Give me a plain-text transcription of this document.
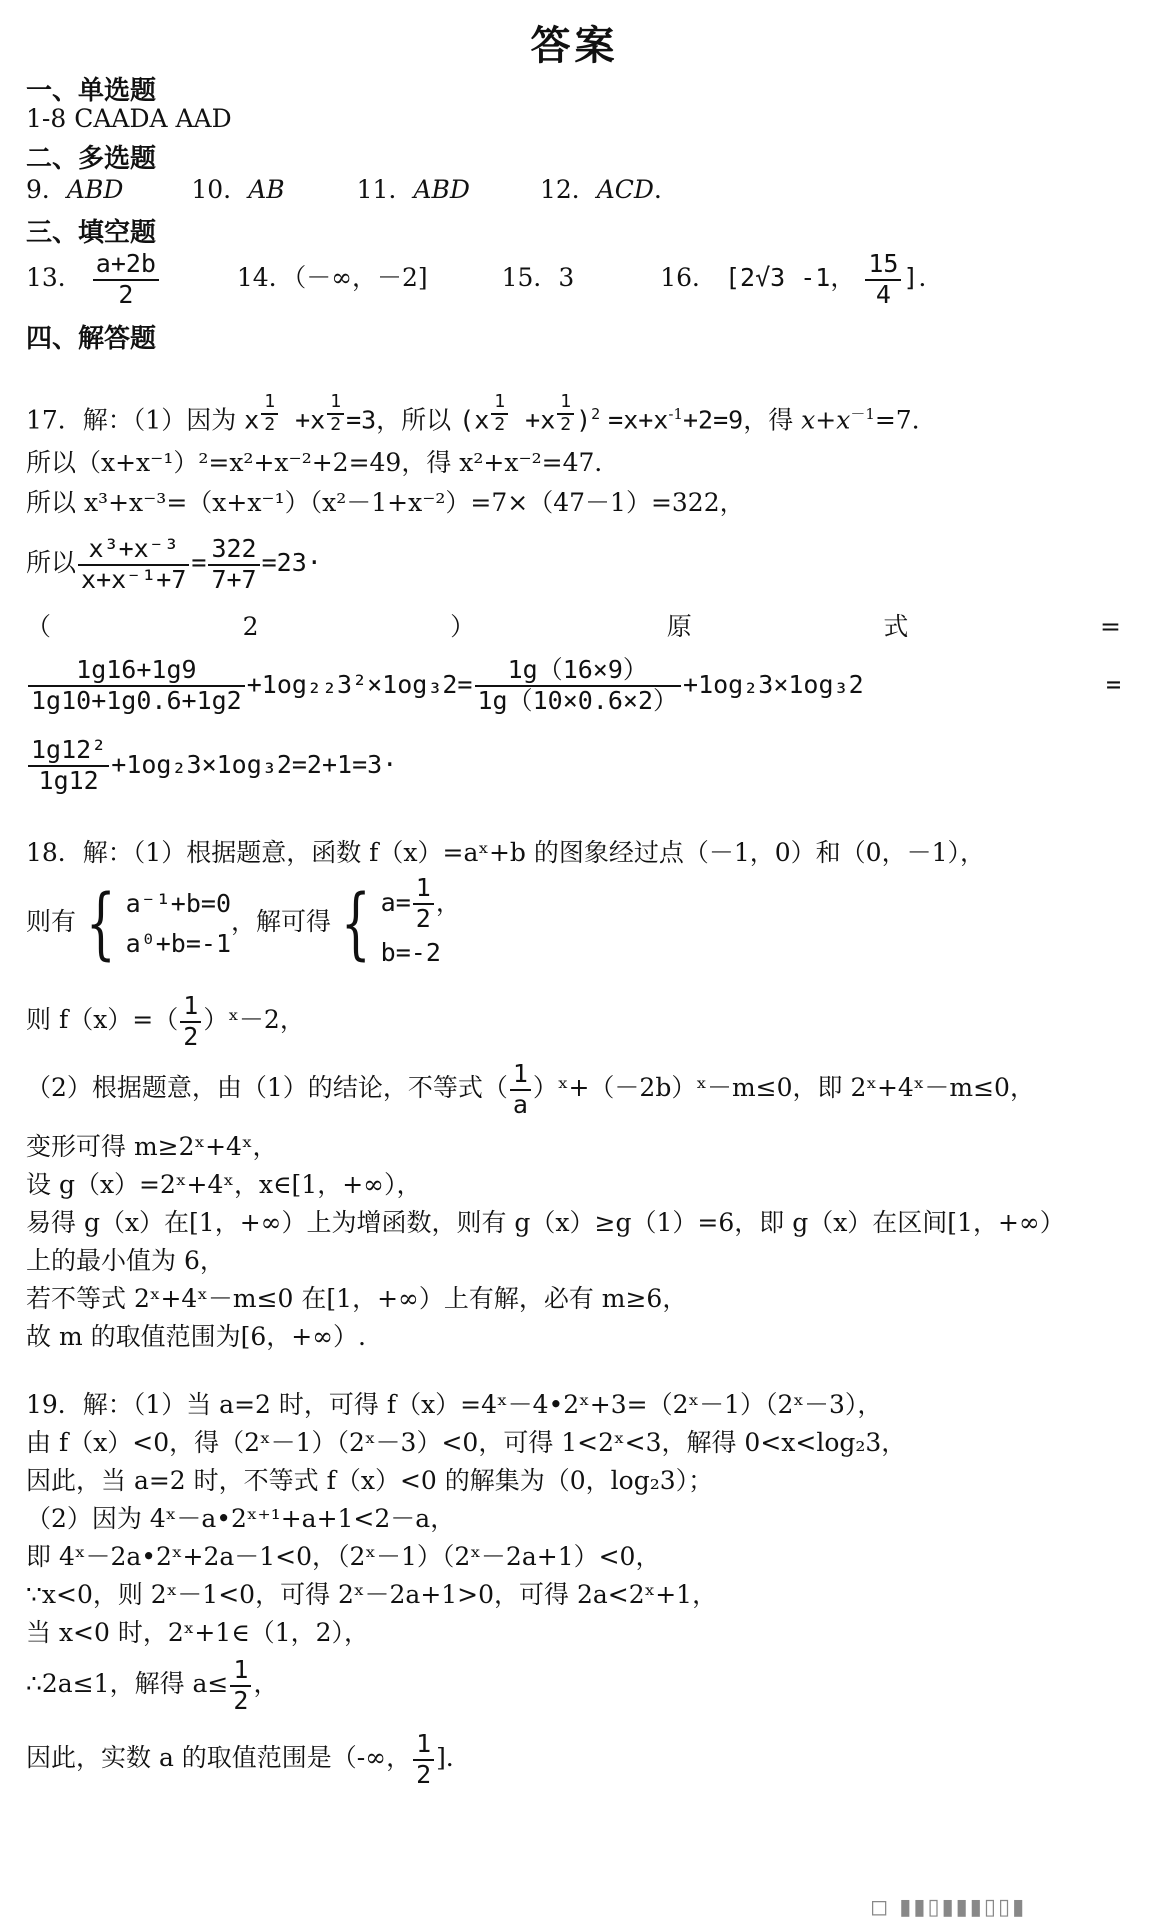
答案
一、单选题
1-8 CAADA AAD
二、多选题
9．ABD	10．AB	11．ABD	12．ACD．
三、填空题
13． $\frac{a+2b}{2}$	14．（－∞，－2]	15．3	16． [2√3 -1， $\frac{15}{4}$ ]．
四、解答题
17．解：（1）因为 x $\frac{1}{2} +x \frac{1}{2} =3$，所以 $(x \frac{1}{2} +x \frac{1}{2} )^2 =x+x^{-1}+2=9$，得 $x+x^{-1}=7$．
所以（x+x⁻¹）²=x²+x⁻²+2=49，得 x²+x⁻²=47．
所以 x³+x⁻³=（x+x⁻¹）（x²－1+x⁻²）=7×（47－1）=322，
所以 $\frac{\text{x³+x⁻³}}{\text{x+x⁻¹+7}} = \frac{322}{7+7} =23\cdot$
（	2	）	原	式	=
$\frac{1g16+1g9}{1g10+1g0.6+1g2} +1og_{22}3^2\times 1og_32= \frac{1g(16\times 9)}{1g(10\times 0.6\times 2)} +1og_23\times 1og_32$	=
$\frac{\text{1g12²}}{1g12} +1og_23\times 1og_32=2+1=3\cdot$
18．解：（1）根据题意，函数 f（x）=aˣ+b 的图象经过点（－1，0）和（0，－1），
则有 { a⁻¹+b=0
a⁰+b=-1
，解可得 { $a= \frac{1}{2}$ ，
b=-2
则 $f(x)=( \frac{1}{2}$ ）ˣ－2，
（2）根据题意，由（1）的结论，不等式（ $\frac{1}{a}$ ）ˣ+（－2b）ˣ－m≤0，即 2ˣ+4ˣ－m≤0，
变形可得 m≥2ˣ+4ˣ，
设 g（x）=2ˣ+4ˣ，x∈[1，+∞），
易得 g（x）在[1，+∞）上为增函数，则有 g（x）≥g（1）=6，即 g（x）在区间[1，+∞）
上的最小值为 6，
若不等式 2ˣ+4ˣ－m≤0 在[1，+∞）上有解，必有 m≥6，
故 m 的取值范围为[6，+∞）.
19．解：（1）当 a=2 时，可得 f（x）=4ˣ－4•2ˣ+3=（2ˣ－1）（2ˣ－3），
由 f（x）<0，得（2ˣ－1）（2ˣ－3）<0，可得 1<2ˣ<3，解得 0<x<log₂3，
因此，当 a=2 时，不等式 f（x）<0 的解集为（0，log₂3）；
（2）因为 4ˣ－a•2ˣ⁺¹+a+1<2－a，
即 4ˣ－2a•2ˣ+2a－1<0，（2ˣ－1）（2ˣ－2a+1）<0，
∵x<0，则 2ˣ－1<0，可得 2ˣ－2a+1>0，可得 2a<2ˣ+1，
当 x<0 时，2ˣ+1∈（1，2），
∴2a≤1，解得 $a\le \frac{1}{2}$ ，
因此，实数 a 的取值范围是（-∞， $\frac{1}{2}$ ]．
◻ ▮▮▯▮▮▮▯▯▮
